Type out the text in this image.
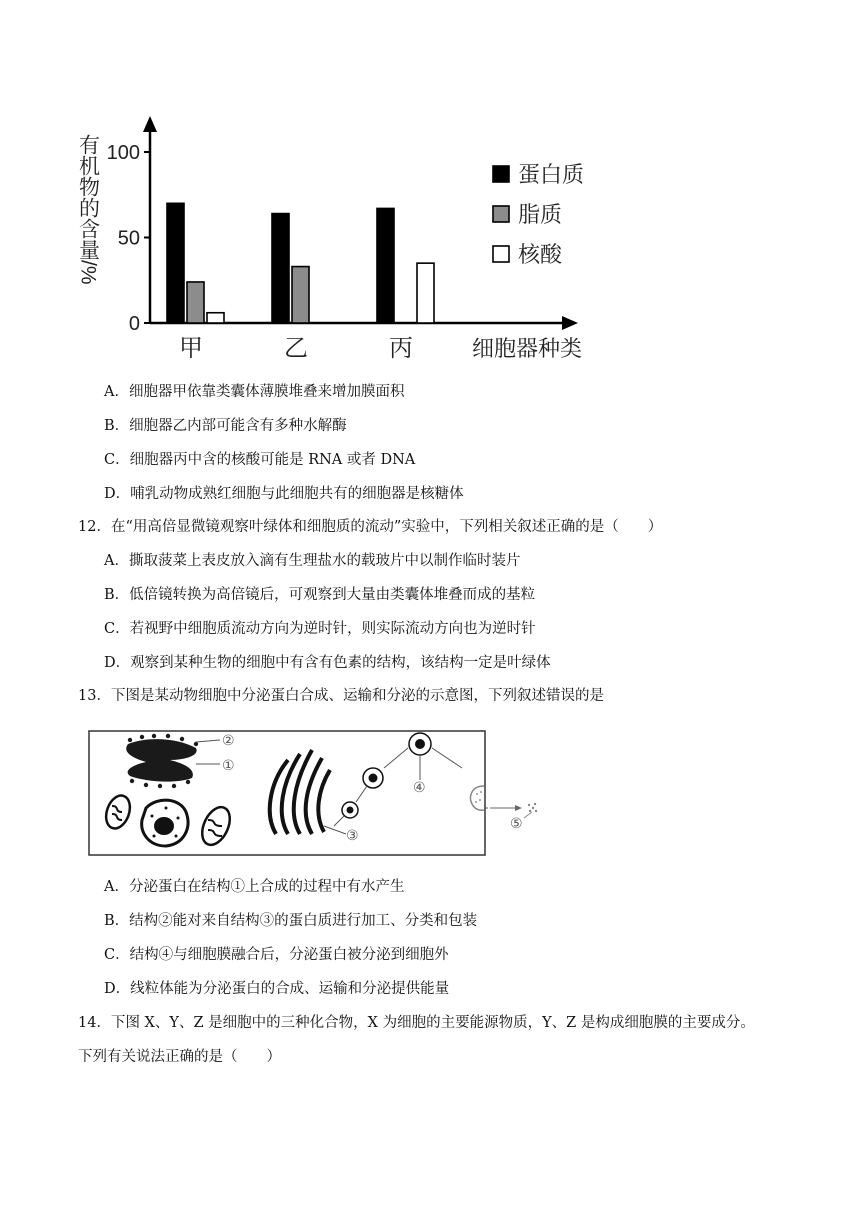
0
50
100
甲	乙	丙
有机物的含量/%
细胞器种类
蛋白质
脂质
核酸
A．细胞器甲依靠类囊体薄膜堆叠来增加膜面积
B．细胞器乙内部可能含有多种水解酶
C．细胞器丙中含的核酸可能是 RNA 或者 DNA
D．哺乳动物成熟红细胞与此细胞共有的细胞器是核糖体
12．在“用高倍显微镜观察叶绿体和细胞质的流动”实验中，下列相关叙述正确的是（　　）
A．撕取菠菜上表皮放入滴有生理盐水的载玻片中以制作临时装片
B．低倍镜转换为高倍镜后，可观察到大量由类囊体堆叠而成的基粒
C．若视野中细胞质流动方向为逆时针，则实际流动方向也为逆时针
D．观察到某种生物的细胞中有含有色素的结构，该结构一定是叶绿体
13．下图是某动物细胞中分泌蛋白合成、运输和分泌的示意图，下列叙述错误的是
②
①
③
④
⑤
A．分泌蛋白在结构①上合成的过程中有水产生
B．结构②能对来自结构③的蛋白质进行加工、分类和包装
C．结构④与细胞膜融合后，分泌蛋白被分泌到细胞外
D．线粒体能为分泌蛋白的合成、运输和分泌提供能量
14．下图 X、Y、Z 是细胞中的三种化合物，X 为细胞的主要能源物质，Y、Z 是构成细胞膜的主要成分。
下列有关说法正确的是（　　）
